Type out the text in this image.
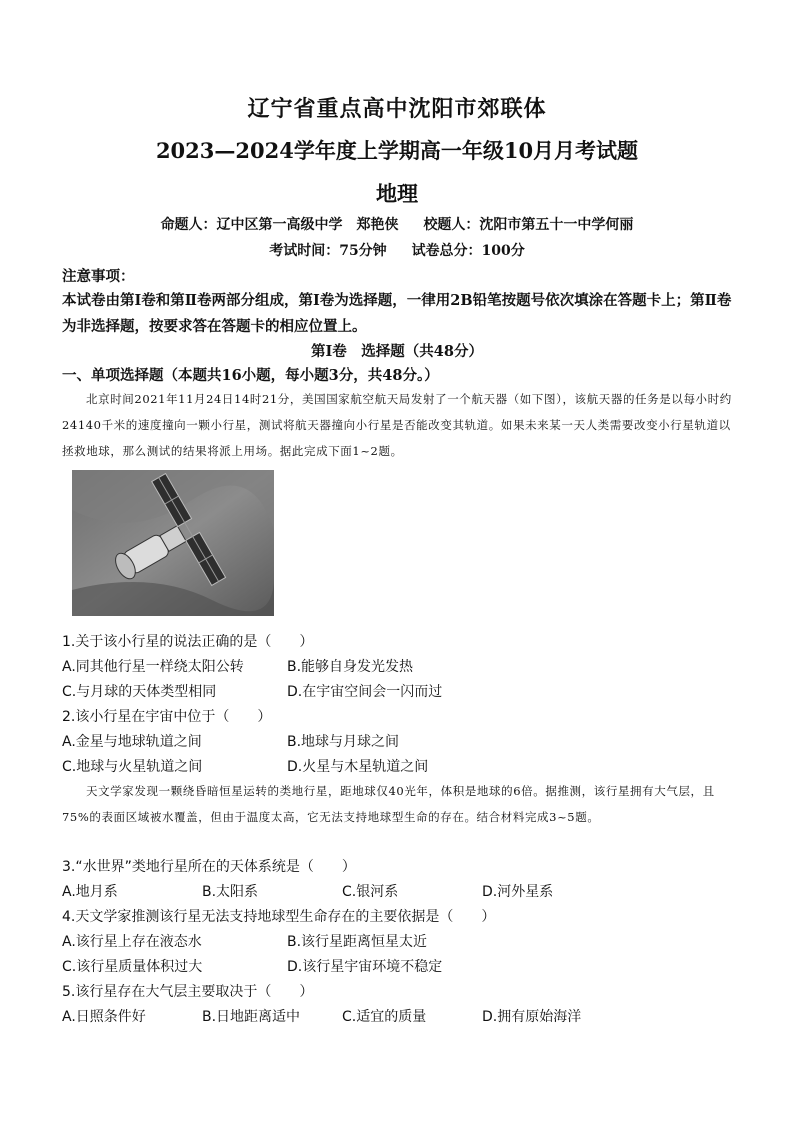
辽宁省重点高中沈阳市郊联体
2023—2024学年度上学期高一年级10月月考试题
地理
命题人：辽中区第一高级中学　郑艳侠 校题人：沈阳市第五十一中学何丽
考试时间：75分钟 试卷总分：100分
注意事项：
本试卷由第Ⅰ卷和第Ⅱ卷两部分组成，第Ⅰ卷为选择题，一律用2B铅笔按题号依次填涂在答题卡上；第Ⅱ卷为非选择题，按要求答在答题卡的相应位置上。
第Ⅰ卷　选择题（共48分）
一、单项选择题（本题共16小题，每小题3分，共48分。）
北京时间2021年11月24日14时21分，美国国家航空航天局发射了一个航天器（如下图），该航天器的任务是以每小时约24140千米的速度撞向一颗小行星，测试将航天器撞向小行星是否能改变其轨道。如果未来某一天人类需要改变小行星轨道以拯救地球，那么测试的结果将派上用场。据此完成下面1~2题。
1.关于该小行星的说法正确的是（　　）
A.同其他行星一样绕太阳公转	B.能够自身发光发热
C.与月球的天体类型相同	D.在宇宙空间会一闪而过
2.该小行星在宇宙中位于（　　）
A.金星与地球轨道之间	B.地球与月球之间
C.地球与火星轨道之间	D.火星与木星轨道之间
天文学家发现一颗绕昏暗恒星运转的类地行星，距地球仅40光年，体积是地球的6倍。据推测，该行星拥有大气层，且75%的表面区域被水覆盖，但由于温度太高，它无法支持地球型生命的存在。结合材料完成3~5题。
3.“水世界”类地行星所在的天体系统是（　　）
A.地月系	B.太阳系	C.银河系	D.河外星系
4.天文学家推测该行星无法支持地球型生命存在的主要依据是（　　）
A.该行星上存在液态水	B.该行星距离恒星太近
C.该行星质量体积过大	D.该行星宇宙环境不稳定
5.该行星存在大气层主要取决于（　　）
A.日照条件好	B.日地距离适中	C.适宜的质量	D.拥有原始海洋
